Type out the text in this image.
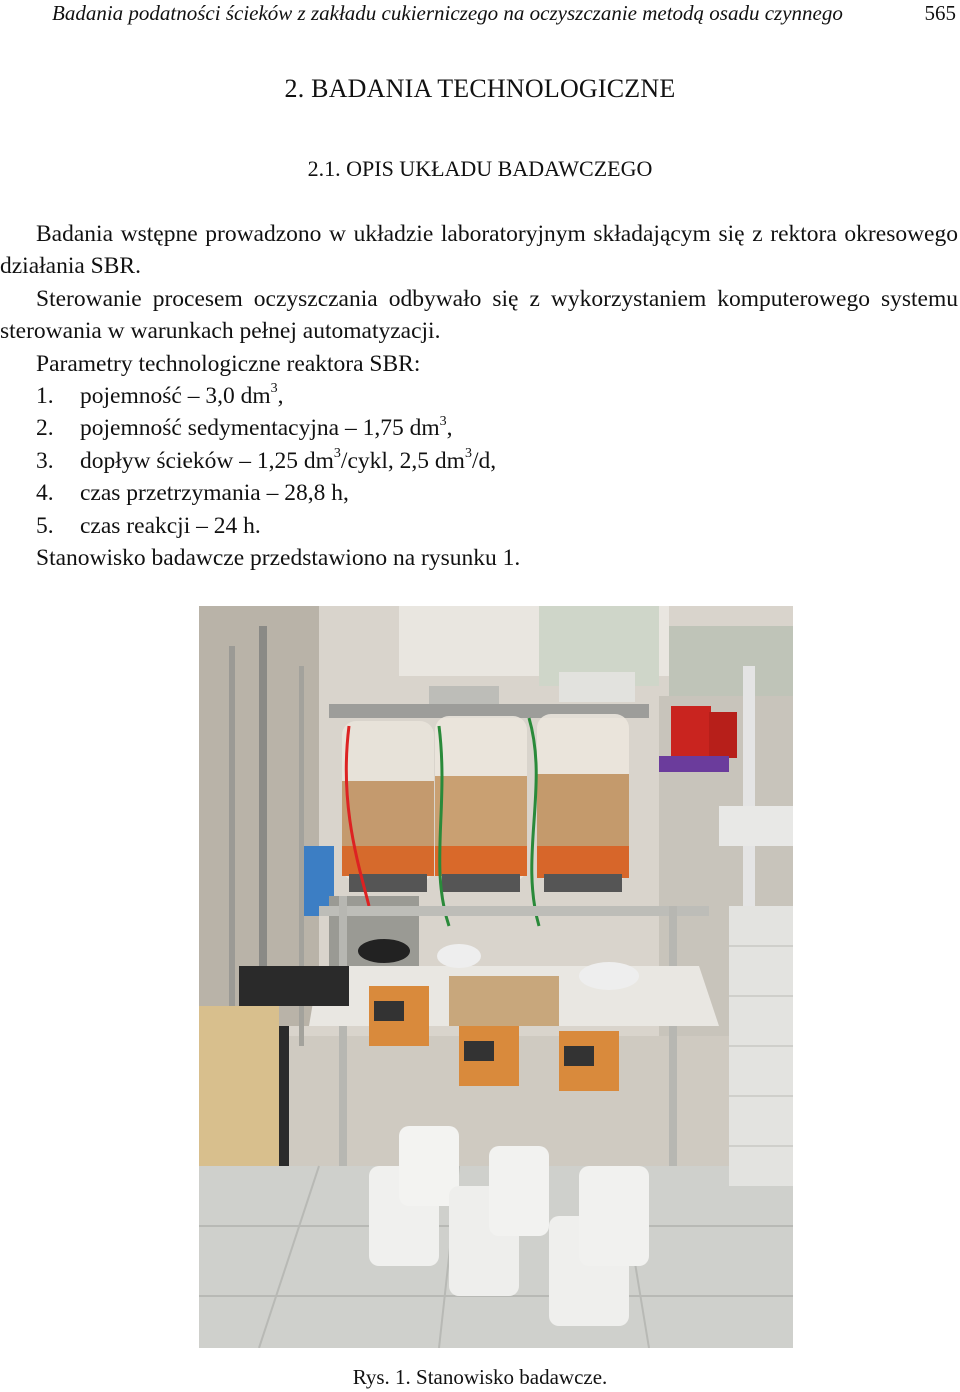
Badania podatności ścieków z zakładu cukierniczego na oczyszczanie metodą osadu czynnego	565
2. BADANIA TECHNOLOGICZNE
2.1. OPIS UKŁADU BADAWCZEGO

Badania wstępne prowadzono w układzie laboratoryjnym składającym się z rektora okresowego działania SBR.

Sterowanie procesem oczyszczania odbywało się z wykorzystaniem komputerowego systemu sterowania w warunkach pełnej automatyzacji.

Parametry technologiczne reaktora SBR:

1. pojemność – 3,0 $dm^3$,
2. pojemność sedymentacyjna – 1,75 $dm^3$,
3. dopływ ścieków – 1,25 $dm^3$/cykl, 2,5 $dm^3/d$,
4. czas przetrzymania – 28,8 h,
5. czas reakcji – 24 h.

Stanowisko badawcze przedstawiono na rysunku 1.

Rys. 1. Stanowisko badawcze.
